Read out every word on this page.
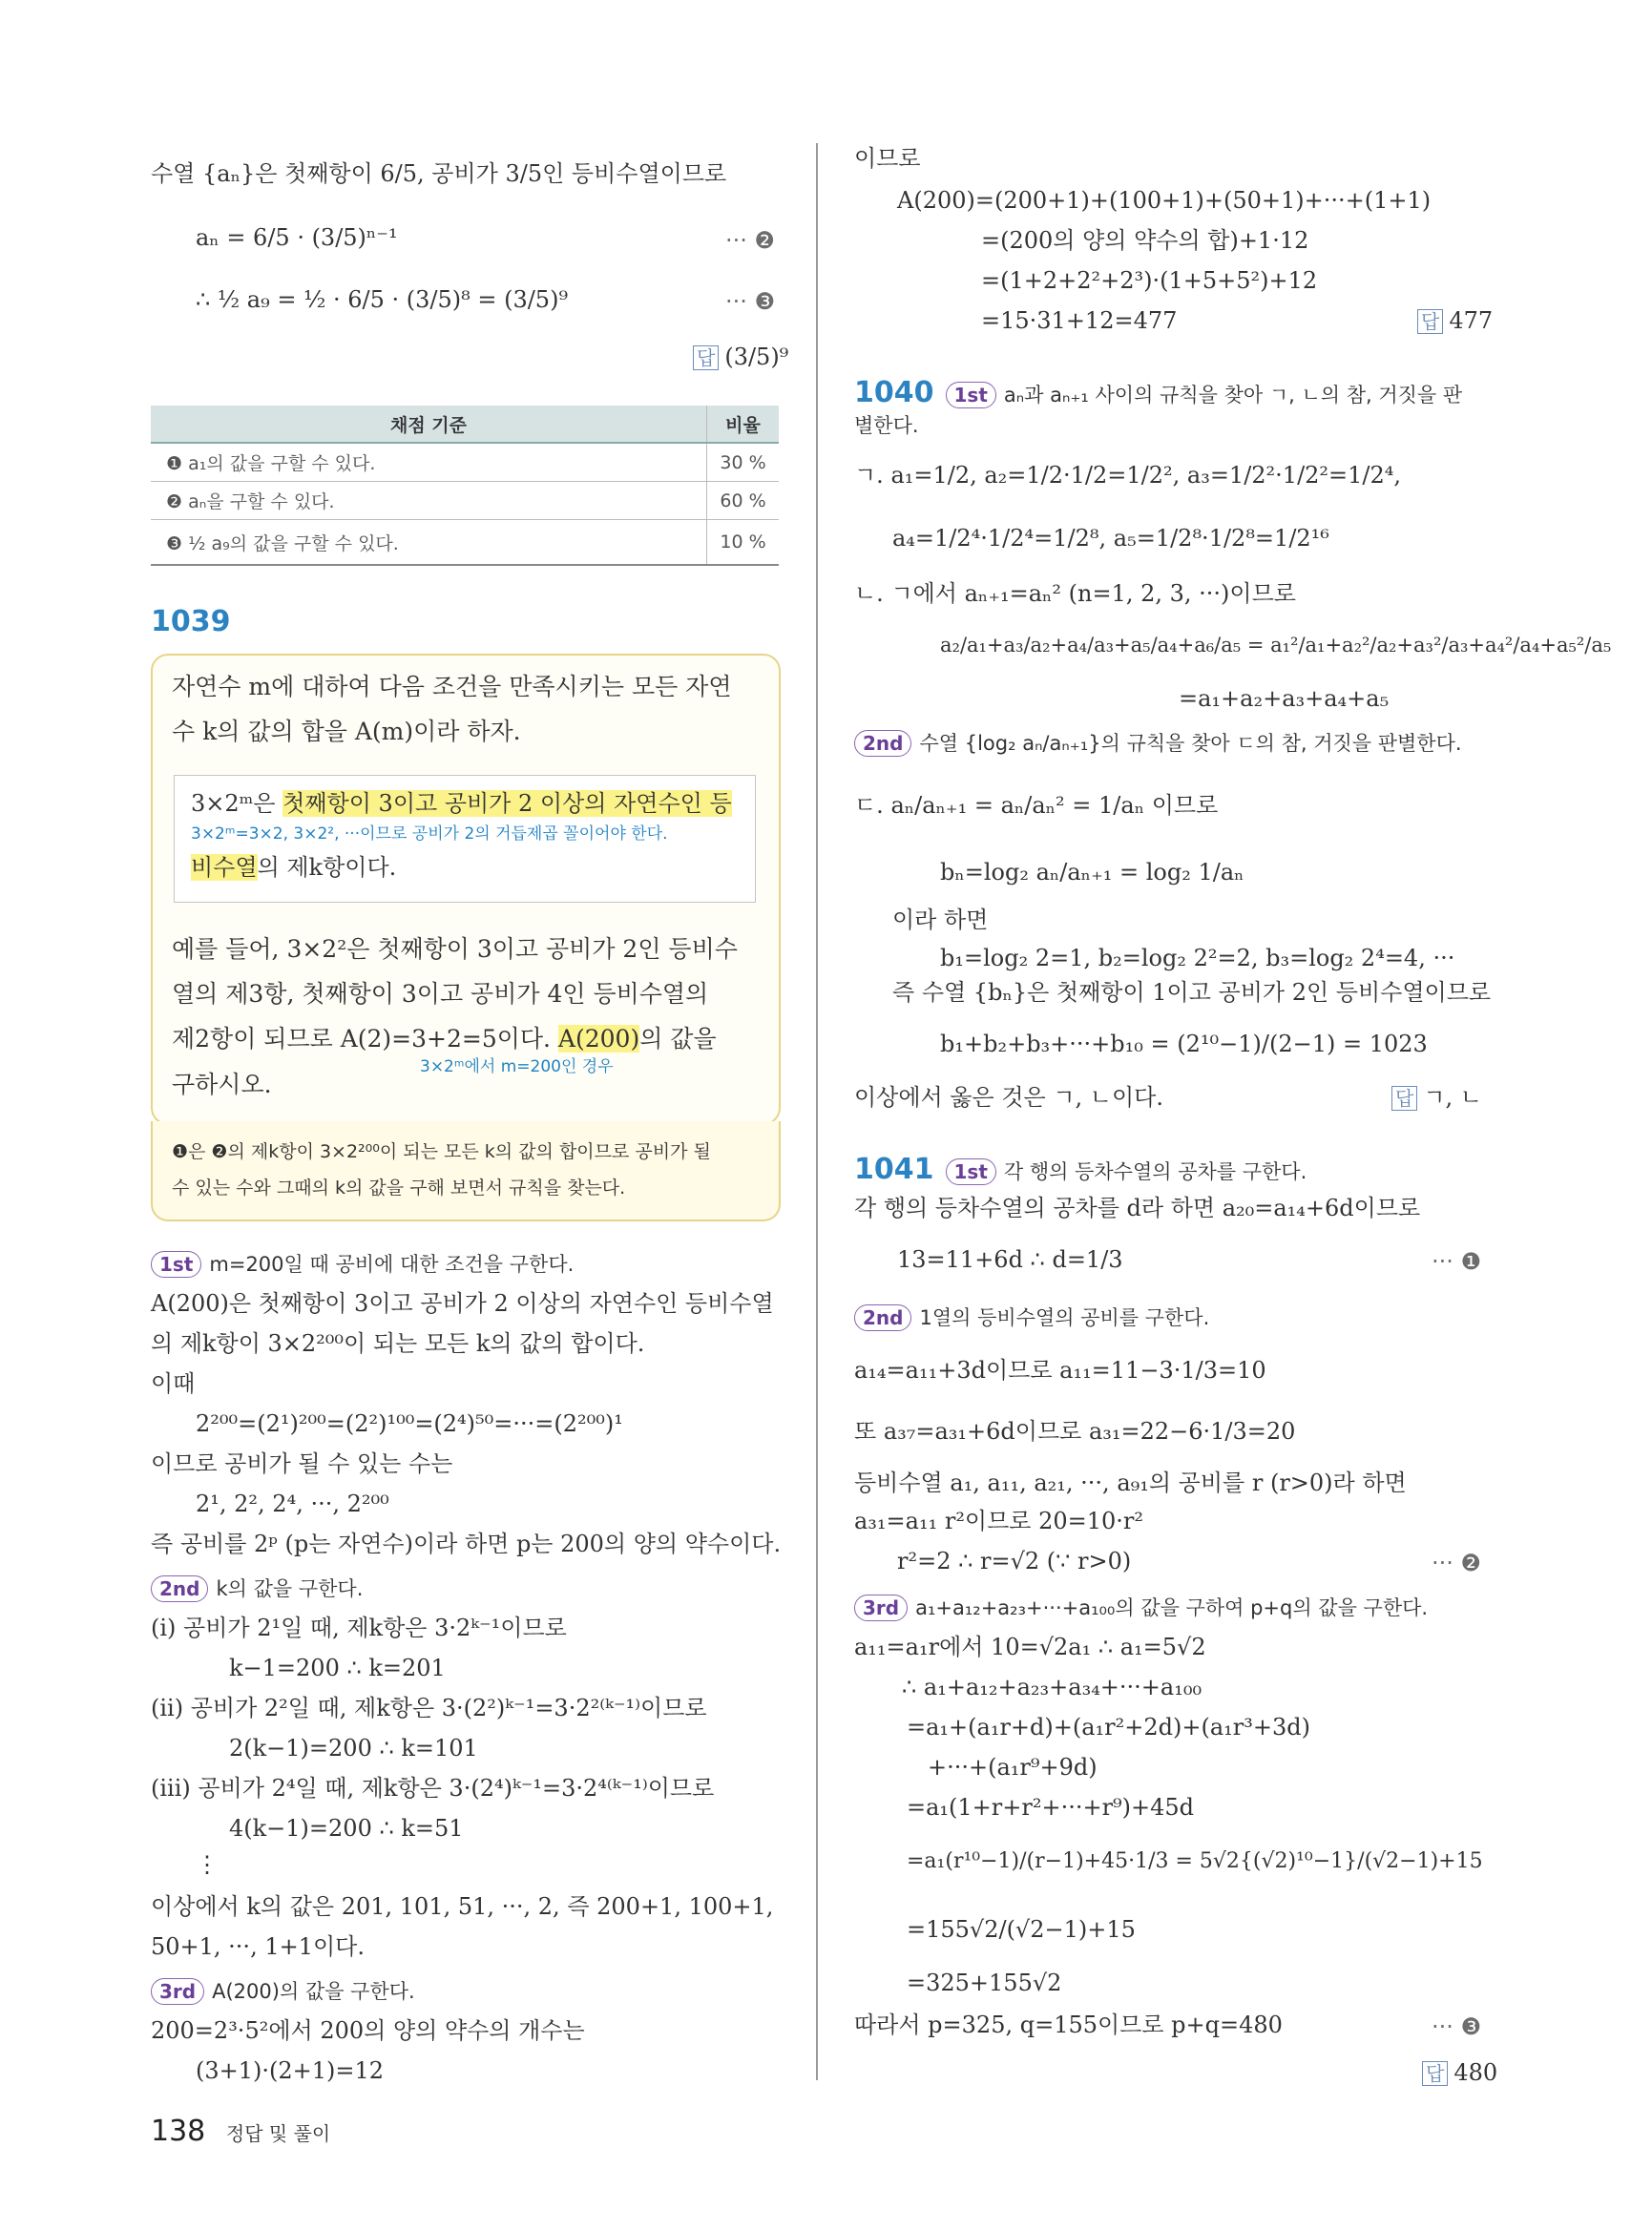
수열 {aₙ}은 첫째항이 6/5, 공비가 3/5인 등비수열이므로
aₙ = 6/5 · (3/5)ⁿ⁻¹	··· ❷
∴ ½ a₉ = ½ · 6/5 · (3/5)⁸ = (3/5)⁹	··· ❸
답 (3/5)⁹
채점 기준	비율
❶ a₁의 값을 구할 수 있다.	30 %
❷ aₙ을 구할 수 있다.	60 %
❸ ½ a₉의 값을 구할 수 있다.	10 %
1039
자연수 m에 대하여 다음 조건을 만족시키는 모든 자연
수 k의 값의 합을 A(m)이라 하자.
3×2ᵐ은 첫째항이 3이고 공비가 2 이상의 자연수인 등
3×2ᵐ=3×2, 3×2², ···이므로 공비가 2의 거듭제곱 꼴이어야 한다.
비수열의 제k항이다.
예를 들어, 3×2²은 첫째항이 3이고 공비가 2인 등비수
열의 제3항, 첫째항이 3이고 공비가 4인 등비수열의
제2항이 되므로 A(2)=3+2=5이다. A(200)의 값을
3×2ᵐ에서 m=200인 경우
구하시오.
❶은 ❷의 제k항이 3×2²⁰⁰이 되는 모든 k의 값의 합이므로 공비가 될
수 있는 수와 그때의 k의 값을 구해 보면서 규칙을 찾는다.
1st m=200일 때 공비에 대한 조건을 구한다.
A(200)은 첫째항이 3이고 공비가 2 이상의 자연수인 등비수열
의 제k항이 3×2²⁰⁰이 되는 모든 k의 값의 합이다.
이때
2²⁰⁰=(2¹)²⁰⁰=(2²)¹⁰⁰=(2⁴)⁵⁰=···=(2²⁰⁰)¹
이므로 공비가 될 수 있는 수는
2¹, 2², 2⁴, ···, 2²⁰⁰
즉 공비를 2ᵖ (p는 자연수)이라 하면 p는 200의 양의 약수이다.
2nd k의 값을 구한다.
(i) 공비가 2¹일 때, 제k항은 3·2ᵏ⁻¹이므로
k−1=200 ∴ k=201
(ii) 공비가 2²일 때, 제k항은 3·(2²)ᵏ⁻¹=3·2²⁽ᵏ⁻¹⁾이므로
2(k−1)=200 ∴ k=101
(iii) 공비가 2⁴일 때, 제k항은 3·(2⁴)ᵏ⁻¹=3·2⁴⁽ᵏ⁻¹⁾이므로
4(k−1)=200 ∴ k=51
⋮
이상에서 k의 값은 201, 101, 51, ···, 2, 즉 200+1, 100+1,
50+1, ···, 1+1이다.
3rd A(200)의 값을 구한다.
200=2³·5²에서 200의 양의 약수의 개수는
(3+1)·(2+1)=12
이므로
A(200)=(200+1)+(100+1)+(50+1)+···+(1+1)
=(200의 양의 약수의 합)+1·12
=(1+2+2²+2³)·(1+5+5²)+12
=15·31+12=477	답 477
1040 1st aₙ과 aₙ₊₁ 사이의 규칙을 찾아 ㄱ, ㄴ의 참, 거짓을 판
별한다.
ㄱ. a₁=1/2, a₂=1/2·1/2=1/2², a₃=1/2²·1/2²=1/2⁴,
a₄=1/2⁴·1/2⁴=1/2⁸, a₅=1/2⁸·1/2⁸=1/2¹⁶
ㄴ. ㄱ에서 aₙ₊₁=aₙ² (n=1, 2, 3, ···)이므로
a₂/a₁+a₃/a₂+a₄/a₃+a₅/a₄+a₆/a₅ = a₁²/a₁+a₂²/a₂+a₃²/a₃+a₄²/a₄+a₅²/a₅
=a₁+a₂+a₃+a₄+a₅
2nd 수열 {log₂ aₙ/aₙ₊₁}의 규칙을 찾아 ㄷ의 참, 거짓을 판별한다.
ㄷ. aₙ/aₙ₊₁ = aₙ/aₙ² = 1/aₙ 이므로
bₙ=log₂ aₙ/aₙ₊₁ = log₂ 1/aₙ
이라 하면
b₁=log₂ 2=1, b₂=log₂ 2²=2, b₃=log₂ 2⁴=4, ···
즉 수열 {bₙ}은 첫째항이 1이고 공비가 2인 등비수열이므로
b₁+b₂+b₃+···+b₁₀ = (2¹⁰−1)/(2−1) = 1023
이상에서 옳은 것은 ㄱ, ㄴ이다.	답 ㄱ, ㄴ
1041 1st 각 행의 등차수열의 공차를 구한다.
각 행의 등차수열의 공차를 d라 하면 a₂₀=a₁₄+6d이므로
13=11+6d ∴ d=1/3	··· ❶
2nd 1열의 등비수열의 공비를 구한다.
a₁₄=a₁₁+3d이므로 a₁₁=11−3·1/3=10
또 a₃₇=a₃₁+6d이므로 a₃₁=22−6·1/3=20
등비수열 a₁, a₁₁, a₂₁, ···, a₉₁의 공비를 r (r>0)라 하면
a₃₁=a₁₁ r²이므로 20=10·r²
r²=2 ∴ r=√2 (∵ r>0)	··· ❷
3rd a₁+a₁₂+a₂₃+···+a₁₀₀의 값을 구하여 p+q의 값을 구한다.
a₁₁=a₁r에서 10=√2a₁ ∴ a₁=5√2
∴ a₁+a₁₂+a₂₃+a₃₄+···+a₁₀₀
=a₁+(a₁r+d)+(a₁r²+2d)+(a₁r³+3d)
+···+(a₁r⁹+9d)
=a₁(1+r+r²+···+r⁹)+45d
=a₁(r¹⁰−1)/(r−1)+45·1/3 = 5√2{(√2)¹⁰−1}/(√2−1)+15
=155√2/(√2−1)+15
=325+155√2
따라서 p=325, q=155이므로 p+q=480	··· ❸
답 480
138 정답 및 풀이
